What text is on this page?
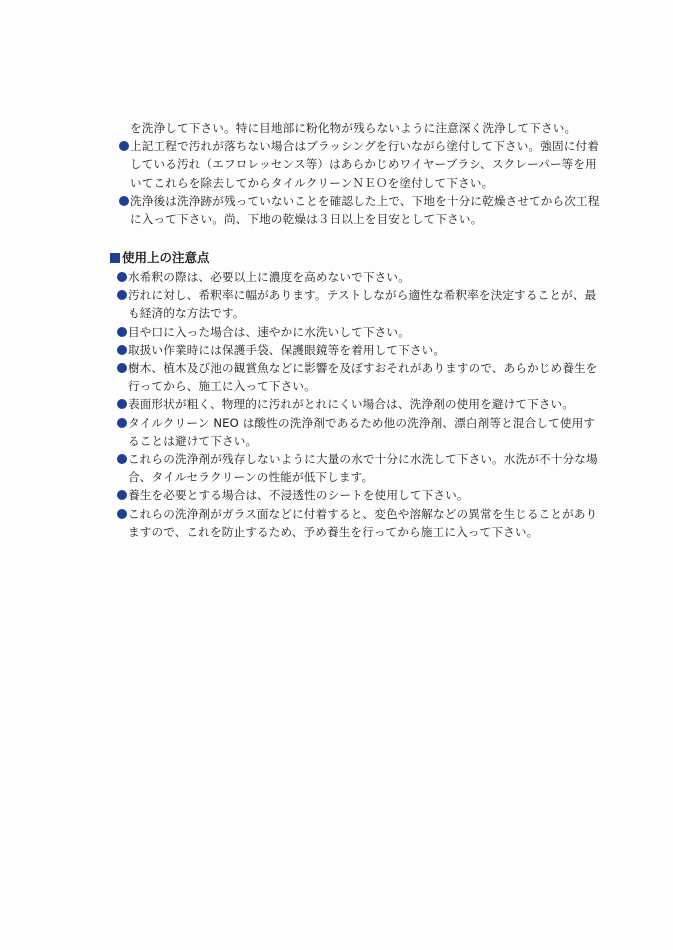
を洗浄して下さい。特に目地部に粉化物が残らないように注意深く洗浄して下さい。
上記工程で汚れが落ちない場合はブラッシングを行いながら塗付して下さい。強固に付着
している汚れ（エフロレッセンス等）はあらかじめワイヤーブラシ、スクレーパー等を用
いてこれらを除去してからタイルクリーンＮＥＯを塗付して下さい。
洗浄後は洗浄跡が残っていないことを確認した上で、下地を十分に乾燥させてから次工程
に入って下さい。尚、下地の乾燥は３日以上を目安として下さい。
使用上の注意点
水希釈の際は、必要以上に濃度を高めないで下さい。
汚れに対し、希釈率に幅があります。テストしながら適性な希釈率を決定することが、最
も経済的な方法です。
目や口に入った場合は、速やかに水洗いして下さい。
取扱い作業時には保護手袋、保護眼鏡等を着用して下さい。
樹木、植木及び池の観賞魚などに影響を及ぼすおそれがありますので、あらかじめ養生を
行ってから、施工に入って下さい。
表面形状が粗く、物理的に汚れがとれにくい場合は、洗浄剤の使用を避けて下さい。
タイルクリーン NEO は酸性の洗浄剤であるため他の洗浄剤、漂白剤等と混合して使用す
ることは避けて下さい。
これらの洗浄剤が残存しないように大量の水で十分に水洗して下さい。水洗が不十分な場
合、タイルセラクリーンの性能が低下します。
養生を必要とする場合は、不浸透性のシートを使用して下さい。
これらの洗浄剤がガラス面などに付着すると、変色や溶解などの異常を生じることがあり
ますので、これを防止するため、予め養生を行ってから施工に入って下さい。
